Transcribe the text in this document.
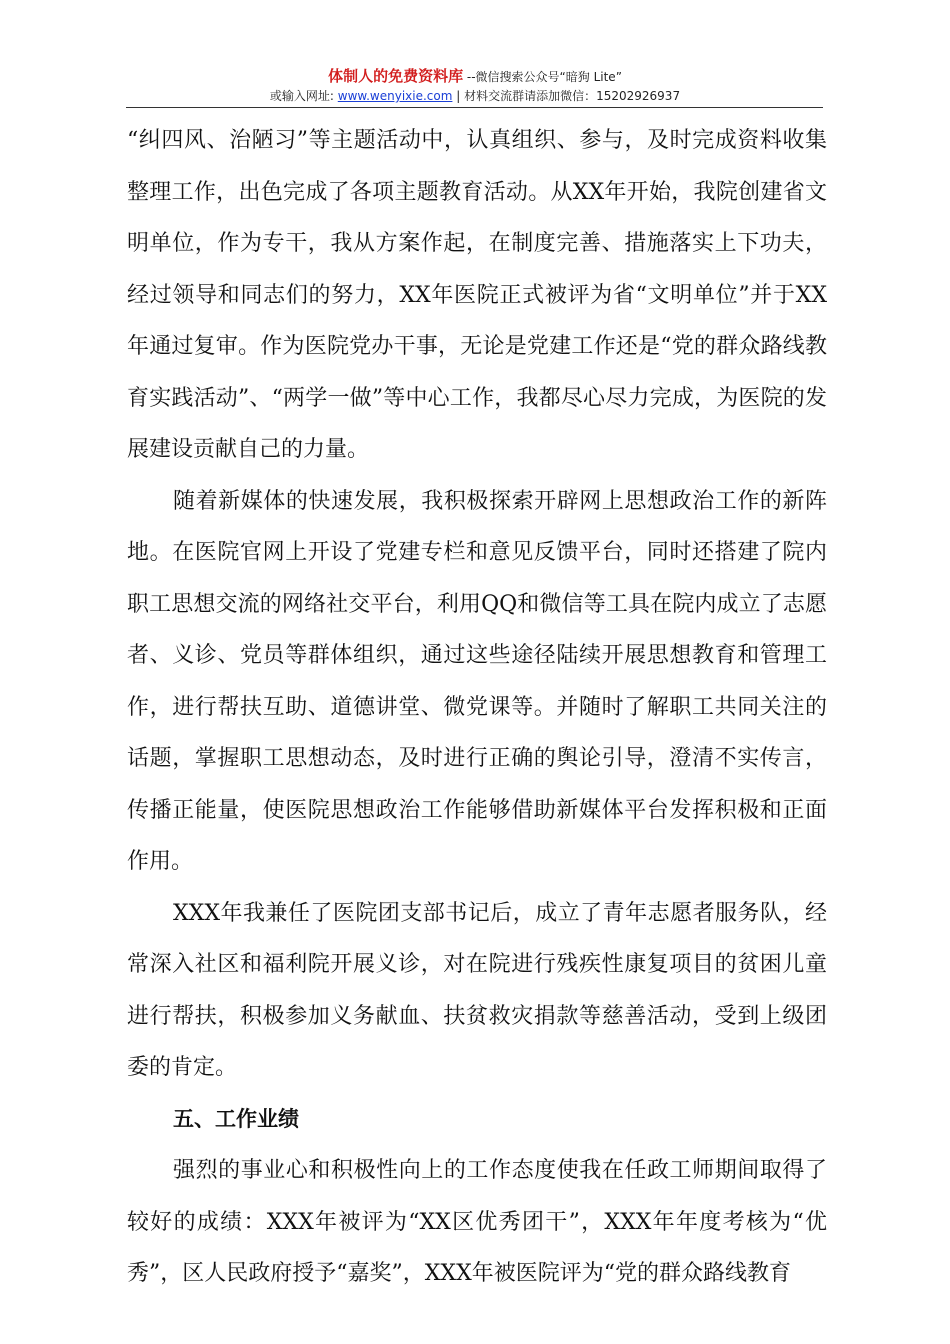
体制人的免费资料库 --微信搜索公众号“暗狗 Lite”
或输入网址: www.wenyixie.com | 材料交流群请添加微信：15202926937

“纠四风、治陋习”等主题活动中，认真组织、参与，及时完成资料收集整理工作，出色完成了各项主题教育活动。从XX年开始，我院创建省文明单位，作为专干，我从方案作起，在制度完善、措施落实上下功夫，经过领导和同志们的努力，XX年医院正式被评为省“文明单位”并于XX年通过复审。作为医院党办干事，无论是党建工作还是“党的群众路线教育实践活动”、“两学一做”等中心工作，我都尽心尽力完成，为医院的发展建设贡献自己的力量。

随着新媒体的快速发展，我积极探索开辟网上思想政治工作的新阵地。在医院官网上开设了党建专栏和意见反馈平台，同时还搭建了院内职工思想交流的网络社交平台，利用QQ和微信等工具在院内成立了志愿者、义诊、党员等群体组织，通过这些途径陆续开展思想教育和管理工作，进行帮扶互助、道德讲堂、微党课等。并随时了解职工共同关注的话题，掌握职工思想动态，及时进行正确的舆论引导，澄清不实传言，传播正能量，使医院思想政治工作能够借助新媒体平台发挥积极和正面作用。

XXX年我兼任了医院团支部书记后，成立了青年志愿者服务队，经常深入社区和福利院开展义诊，对在院进行残疾性康复项目的贫困儿童进行帮扶，积极参加义务献血、扶贫救灾捐款等慈善活动，受到上级团委的肯定。

五、工作业绩

强烈的事业心和积极性向上的工作态度使我在任政工师期间取得了较好的成绩：XXX年被评为“XX区优秀团干”，XXX年年度考核为“优秀”，区人民政府授予“嘉奖”，XXX年被医院评为“党的群众路线教育
